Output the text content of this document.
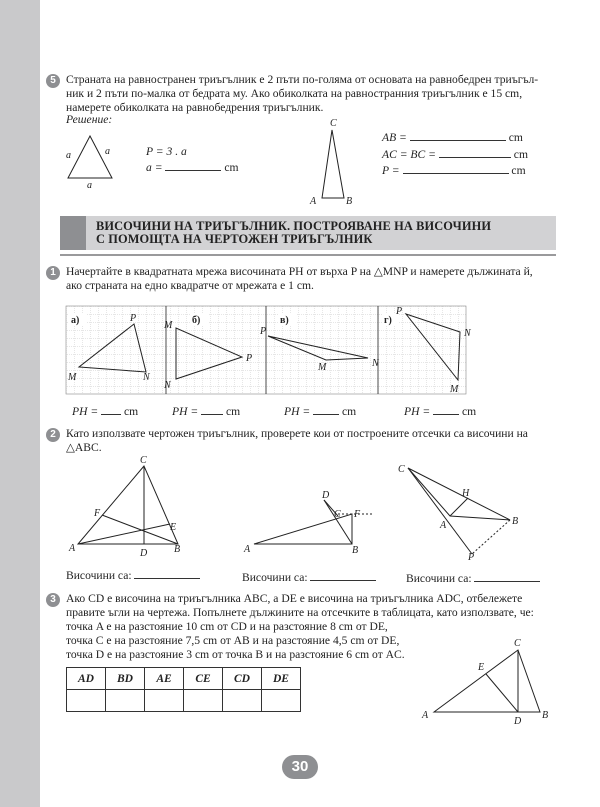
5 Страната на равностранен триъгълник е 2 пъти по-голяма от основата на равнобедрен триъгъл-
ник и 2 пъти по-малка от бедрата му. Ако обиколката на равностранния триъгълник е 15 cm,
намерете обиколката на равнобедрения триъгълник.
Решение:
a	a
a
P = 3 . a
a =	cm
C
A	B
AB =	cm
AC = BC =	cm
P =	cm
ВИСОЧИНИ НА ТРИЪГЪЛНИК. ПОСТРОЯВАНЕ НА ВИСОЧИНИ
С ПОМОЩТА НА ЧЕРТОЖЕН ТРИЪГЪЛНИК
1 Начертайте в квадратната мрежа височината PH от върха P на △MNP и намерете дължината й,
ако страната на едно квадратче от мрежата е 1 cm.
а)	P
M	N
б)
M
N
P
в)
P
M	N
г)
P
N
M
PH = cm	PH = cm	PH =	cm	PH =	cm
2 Като използвате чертожен триъгълник, проверете кои от построените отсечки са височини на
△ABC.
C
F
E
A	D	B
D
C F
A	B
C
H
A	B
P
Височини са:	Височини са:	Височини са:
3 Ако CD е височина на триъгълника ABC, а DE е височина на триъгълника ADC, отбележете
правите ъгли на чертежа. Попълнете дължините на отсечките в таблицата, като използвате, че:
точка A е на разстояние 10 cm от CD и на разстояние 8 cm от DE,
точка C е на разстояние 7,5 cm от AB и на разстояние 4,5 cm от DE,
точка D е на разстояние 3 cm от точка B и на разстояние 6 cm от AC.
AD	BD	AE	CE	CD	DE

C
E
A
D
B
30
